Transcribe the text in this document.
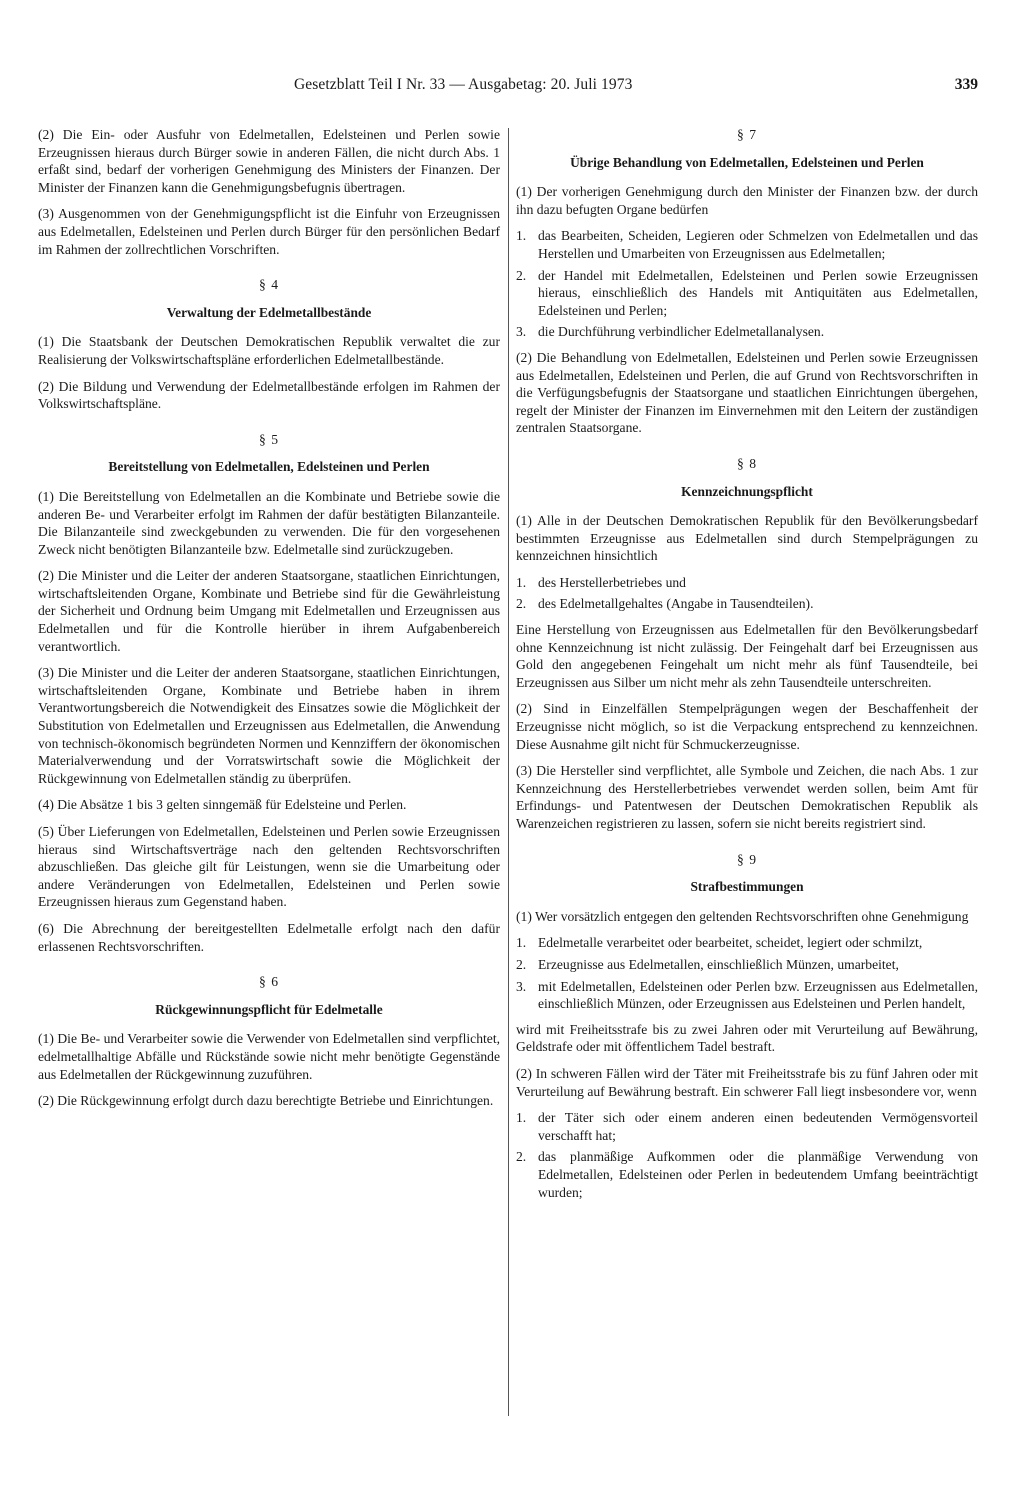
Gesetzblatt Teil I Nr. 33 — Ausgabetag: 20. Juli 1973	339

(2) Die Ein- oder Ausfuhr von Edelmetallen, Edelsteinen und Perlen sowie Erzeugnissen hieraus durch Bürger sowie in anderen Fällen, die nicht durch Abs. 1 erfaßt sind, bedarf der vorherigen Genehmigung des Ministers der Finanzen. Der Minister der Finanzen kann die Genehmigungsbefugnis übertragen.

(3) Ausgenommen von der Genehmigungspflicht ist die Einfuhr von Erzeugnissen aus Edelmetallen, Edelsteinen und Perlen durch Bürger für den persönlichen Bedarf im Rahmen der zollrechtlichen Vorschriften.

§ 4
Verwaltung der Edelmetallbestände

(1) Die Staatsbank der Deutschen Demokratischen Republik verwaltet die zur Realisierung der Volkswirtschaftspläne erforderlichen Edelmetallbestände.

(2) Die Bildung und Verwendung der Edelmetallbestände erfolgen im Rahmen der Volkswirtschaftspläne.

§ 5
Bereitstellung von Edelmetallen, Edelsteinen und Perlen

(1) Die Bereitstellung von Edelmetallen an die Kombinate und Betriebe sowie die anderen Be- und Verarbeiter erfolgt im Rahmen der dafür bestätigten Bilanzanteile. Die Bilanzanteile sind zweckgebunden zu verwenden. Die für den vorgesehenen Zweck nicht benötigten Bilanzanteile bzw. Edelmetalle sind zurückzugeben.

(2) Die Minister und die Leiter der anderen Staatsorgane, staatlichen Einrichtungen, wirtschaftsleitenden Organe, Kombinate und Betriebe sind für die Gewährleistung der Sicherheit und Ordnung beim Umgang mit Edelmetallen und Erzeugnissen aus Edelmetallen und für die Kontrolle hierüber in ihrem Aufgabenbereich verantwortlich.

(3) Die Minister und die Leiter der anderen Staatsorgane, staatlichen Einrichtungen, wirtschaftsleitenden Organe, Kombinate und Betriebe haben in ihrem Verantwortungsbereich die Notwendigkeit des Einsatzes sowie die Möglichkeit der Substitution von Edelmetallen und Erzeugnissen aus Edelmetallen, die Anwendung von technisch-ökonomisch begründeten Normen und Kennziffern der ökonomischen Materialverwendung und der Vorratswirtschaft sowie die Möglichkeit der Rückgewinnung von Edelmetallen ständig zu überprüfen.

(4) Die Absätze 1 bis 3 gelten sinngemäß für Edelsteine und Perlen.

(5) Über Lieferungen von Edelmetallen, Edelsteinen und Perlen sowie Erzeugnissen hieraus sind Wirtschaftsverträge nach den geltenden Rechtsvorschriften abzuschließen. Das gleiche gilt für Leistungen, wenn sie die Umarbeitung oder andere Veränderungen von Edelmetallen, Edelsteinen und Perlen sowie Erzeugnissen hieraus zum Gegenstand haben.

(6) Die Abrechnung der bereitgestellten Edelmetalle erfolgt nach den dafür erlassenen Rechtsvorschriften.

§ 6
Rückgewinnungspflicht für Edelmetalle

(1) Die Be- und Verarbeiter sowie die Verwender von Edelmetallen sind verpflichtet, edelmetallhaltige Abfälle und Rückstände sowie nicht mehr benötigte Gegenstände aus Edelmetallen der Rückgewinnung zuzuführen.

(2) Die Rückgewinnung erfolgt durch dazu berechtigte Betriebe und Einrichtungen.

§ 7
Übrige Behandlung von Edelmetallen, Edelsteinen und Perlen

(1) Der vorherigen Genehmigung durch den Minister der Finanzen bzw. der durch ihn dazu befugten Organe bedürfen

1. das Bearbeiten, Scheiden, Legieren oder Schmelzen von Edelmetallen und das Herstellen und Umarbeiten von Erzeugnissen aus Edelmetallen;
2. der Handel mit Edelmetallen, Edelsteinen und Perlen sowie Erzeugnissen hieraus, einschließlich des Handels mit Antiquitäten aus Edelmetallen, Edelsteinen und Perlen;
3. die Durchführung verbindlicher Edelmetallanalysen.

(2) Die Behandlung von Edelmetallen, Edelsteinen und Perlen sowie Erzeugnissen aus Edelmetallen, Edelsteinen und Perlen, die auf Grund von Rechtsvorschriften in die Verfügungsbefugnis der Staatsorgane und staatlichen Einrichtungen übergehen, regelt der Minister der Finanzen im Einvernehmen mit den Leitern der zuständigen zentralen Staatsorgane.

§ 8
Kennzeichnungspflicht

(1) Alle in der Deutschen Demokratischen Republik für den Bevölkerungsbedarf bestimmten Erzeugnisse aus Edelmetallen sind durch Stempelprägungen zu kennzeichnen hinsichtlich

1. des Herstellerbetriebes und
2. des Edelmetallgehaltes (Angabe in Tausendteilen).

Eine Herstellung von Erzeugnissen aus Edelmetallen für den Bevölkerungsbedarf ohne Kennzeichnung ist nicht zulässig. Der Feingehalt darf bei Erzeugnissen aus Gold den angegebenen Feingehalt um nicht mehr als fünf Tausendteile, bei Erzeugnissen aus Silber um nicht mehr als zehn Tausendteile unterschreiten.

(2) Sind in Einzelfällen Stempelprägungen wegen der Beschaffenheit der Erzeugnisse nicht möglich, so ist die Verpackung entsprechend zu kennzeichnen. Diese Ausnahme gilt nicht für Schmuckerzeugnisse.

(3) Die Hersteller sind verpflichtet, alle Symbole und Zeichen, die nach Abs. 1 zur Kennzeichnung des Herstellerbetriebes verwendet werden sollen, beim Amt für Erfindungs- und Patentwesen der Deutschen Demokratischen Republik als Warenzeichen registrieren zu lassen, sofern sie nicht bereits registriert sind.

§ 9
Strafbestimmungen

(1) Wer vorsätzlich entgegen den geltenden Rechtsvorschriften ohne Genehmigung

1. Edelmetalle verarbeitet oder bearbeitet, scheidet, legiert oder schmilzt,
2. Erzeugnisse aus Edelmetallen, einschließlich Münzen, umarbeitet,
3. mit Edelmetallen, Edelsteinen oder Perlen bzw. Erzeugnissen aus Edelmetallen, einschließlich Münzen, oder Erzeugnissen aus Edelsteinen und Perlen handelt,

wird mit Freiheitsstrafe bis zu zwei Jahren oder mit Verurteilung auf Bewährung, Geldstrafe oder mit öffentlichem Tadel bestraft.

(2) In schweren Fällen wird der Täter mit Freiheitsstrafe bis zu fünf Jahren oder mit Verurteilung auf Bewährung bestraft. Ein schwerer Fall liegt insbesondere vor, wenn

1. der Täter sich oder einem anderen einen bedeutenden Vermögensvorteil verschafft hat;
2. das planmäßige Aufkommen oder die planmäßige Verwendung von Edelmetallen, Edelsteinen oder Perlen in bedeutendem Umfang beeinträchtigt wurden;
